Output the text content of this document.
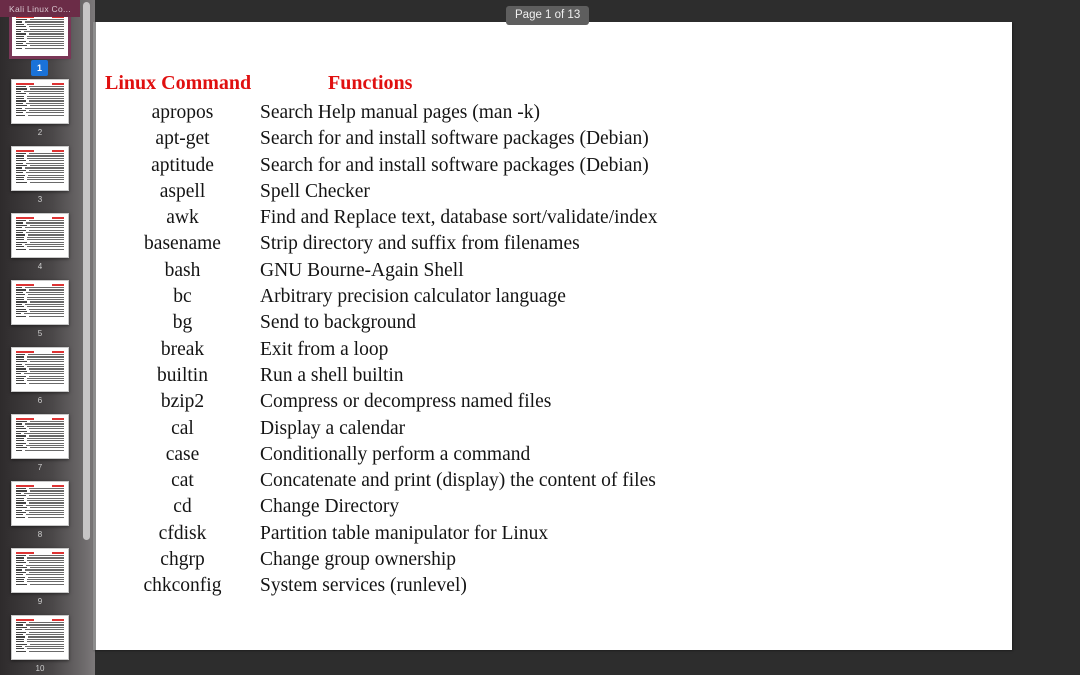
Kali Linux Co...
1
2
3
4
5
6
7
8
9
10
Page 1 of 13
Linux Command	Functions
apropos	Search Help manual pages (man -k)
apt-get	Search for and install software packages (Debian)
aptitude	Search for and install software packages (Debian)
aspell	Spell Checker
awk	Find and Replace text, database sort/validate/index
basename	Strip directory and suffix from filenames
bash	GNU Bourne-Again Shell
bc	Arbitrary precision calculator language
bg	Send to background
break	Exit from a loop
builtin	Run a shell builtin
bzip2	Compress or decompress named files
cal	Display a calendar
case	Conditionally perform a command
cat	Concatenate and print (display) the content of files
cd	Change Directory
cfdisk	Partition table manipulator for Linux
chgrp	Change group ownership
chkconfig	System services (runlevel)
